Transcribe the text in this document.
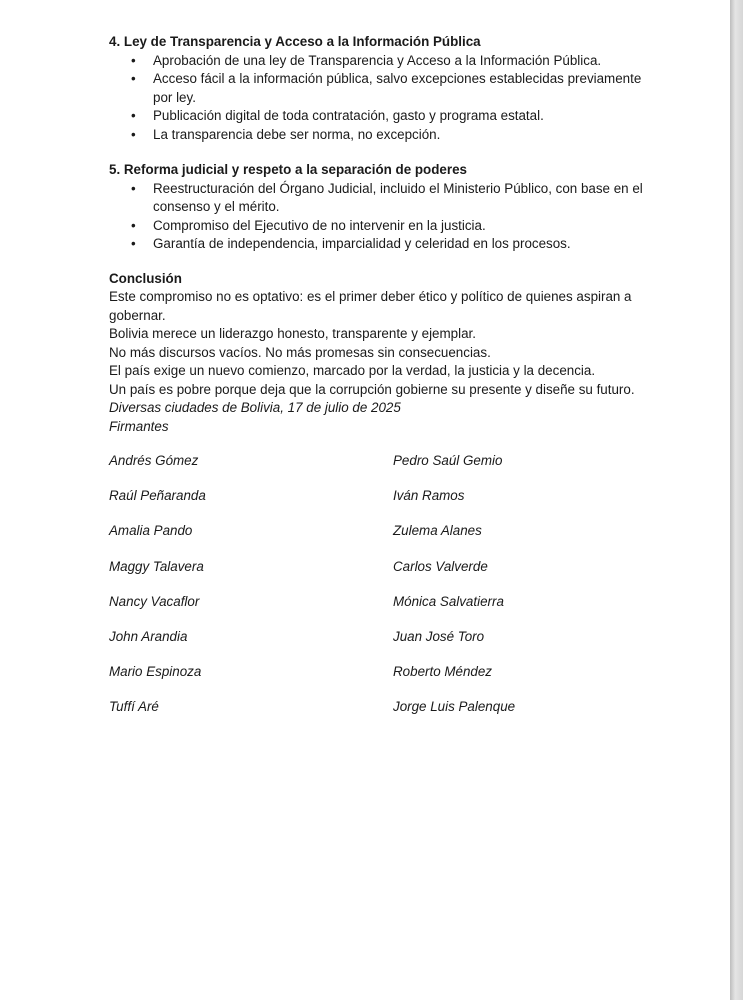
4. Ley de Transparencia y Acceso a la Información Pública

• Aprobación de una ley de Transparencia y Acceso a la Información Pública.
• Acceso fácil a la información pública, salvo excepciones establecidas previamente por ley.
• Publicación digital de toda contratación, gasto y programa estatal.
• La transparencia debe ser norma, no excepción.

5. Reforma judicial y respeto a la separación de poderes

• Reestructuración del Órgano Judicial, incluido el Ministerio Público, con base en el consenso y el mérito.
• Compromiso del Ejecutivo de no intervenir en la justicia.
• Garantía de independencia, imparcialidad y celeridad en los procesos.

Conclusión

Este compromiso no es optativo: es el primer deber ético y político de quienes aspiran a gobernar.

Bolivia merece un liderazgo honesto, transparente y ejemplar.

No más discursos vacíos. No más promesas sin consecuencias.

El país exige un nuevo comienzo, marcado por la verdad, la justicia y la decencia.

Un país es pobre porque deja que la corrupción gobierne su presente y diseñe su futuro.

Diversas ciudades de Bolivia, 17 de julio de 2025

Firmantes

Andrés Gómez	Pedro Saúl Gemio
Raúl Peñaranda	Iván Ramos
Amalia Pando	Zulema Alanes
Maggy Talavera	Carlos Valverde
Nancy Vacaflor	Mónica Salvatierra
John Arandia	Juan José Toro
Mario Espinoza	Roberto Méndez
Tuffí Aré	Jorge Luis Palenque
